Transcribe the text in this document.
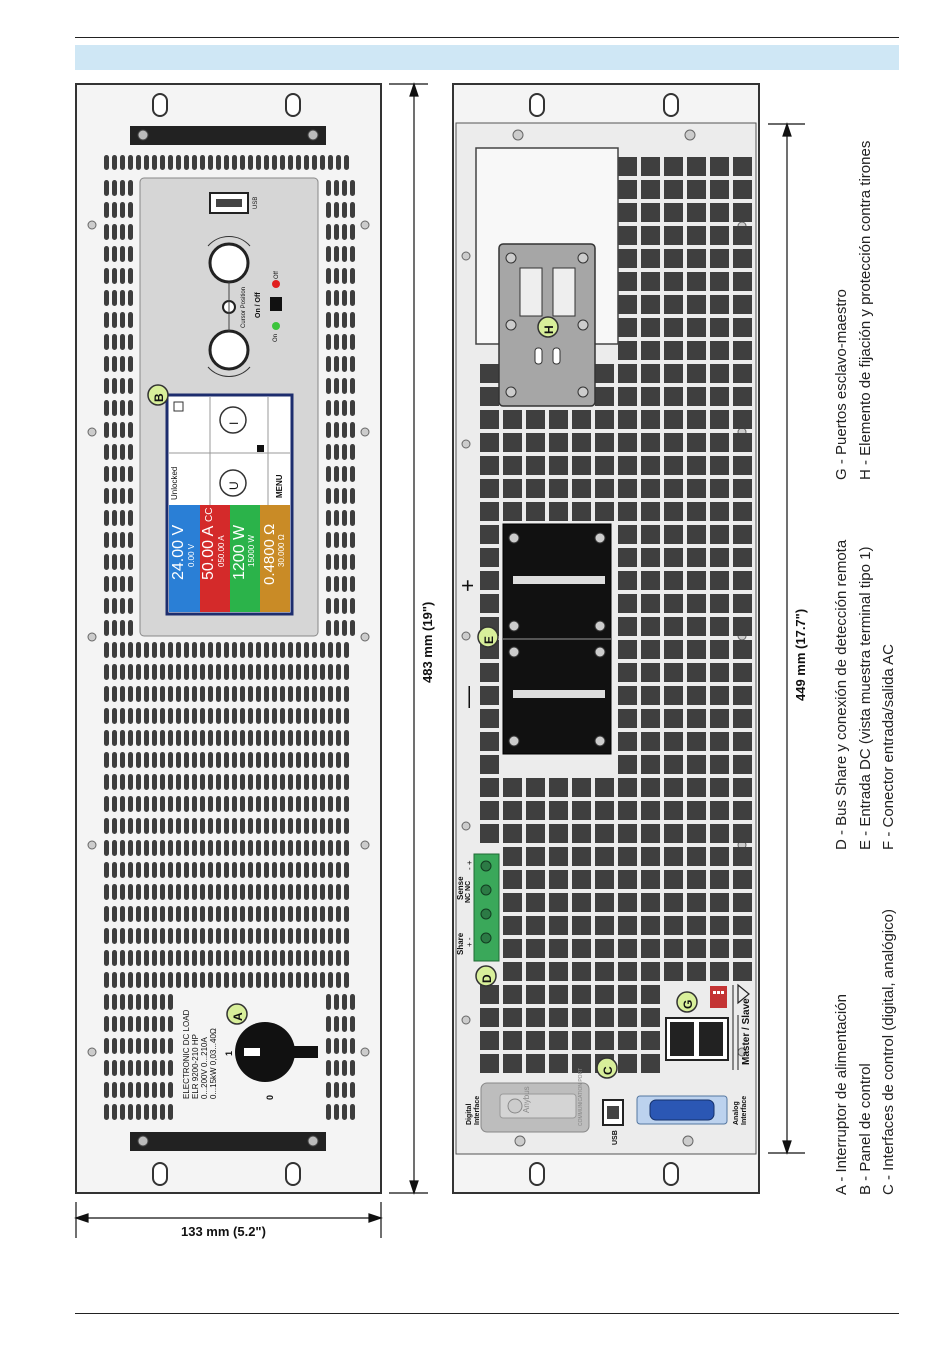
USB
Off
On / Off
Cursor Position
On
Unlocked	MENU
U
I
24.00 V 0.00 V 50.00 A 050.00 A
CC
1200 W 15000 W 0.4800 Ω 30.000 Ω
ELECTRONIC DC LOAD ELR 9200-210 HP 0...200V 0...210A 0...15kW 0,03...40Ω	0
1
+
—
Share + -
Sense NC NC
- +
Master / Slave
Digital Interface	Anybus	COMMUNICATION PORT
USB
Analog Interface
483 mm (19")	449 mm (17.7")
133 mm (5.2")
A
B
C
D
E
G
H
A - Interruptor de alimentación B - Panel de control C - Interfaces de control (digital, analógico)
D - Bus Share y conexión de detección remota E - Entrada DC (vista muestra terminal tipo 1) F - Conector entrada/salida AC
G - Puertos esclavo-maestro H - Elemento de fijación y protección contra tirones
